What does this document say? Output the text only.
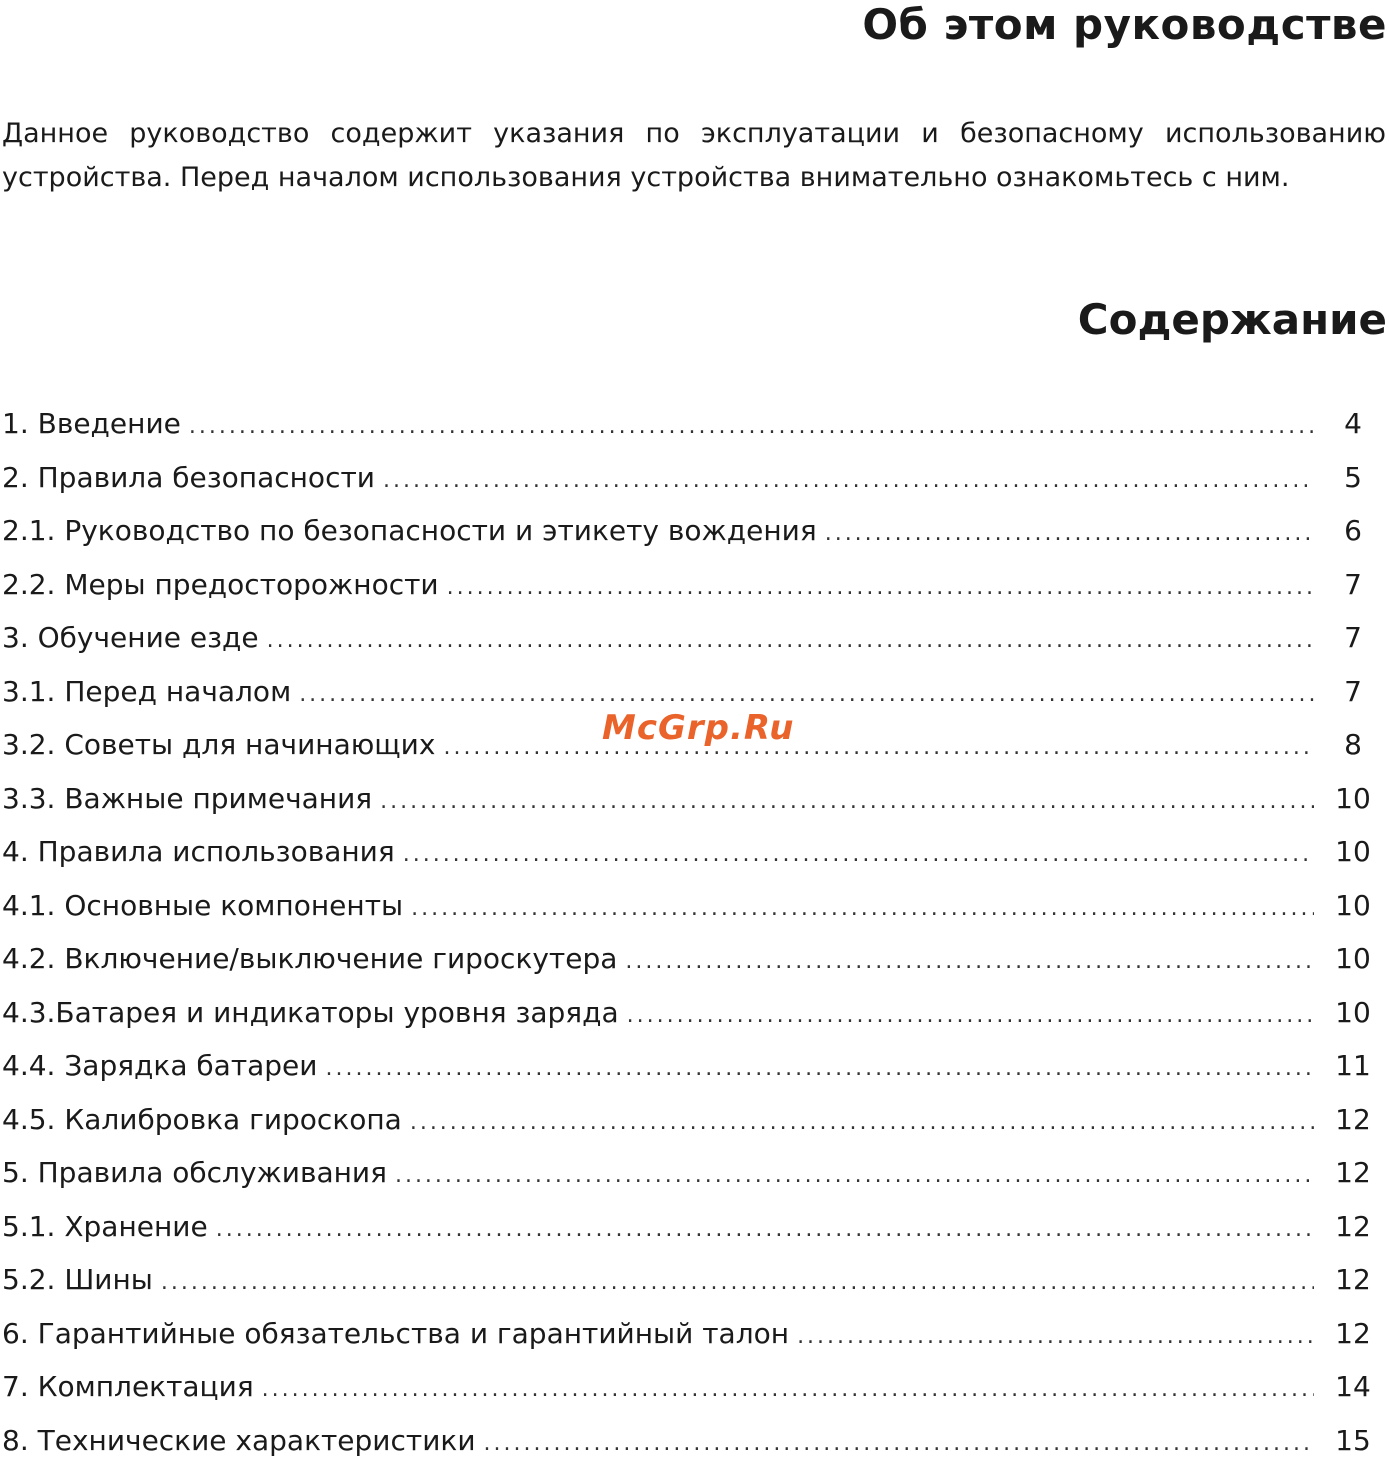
Об этом руководстве

Данное руководство содержит указания по эксплуатации и безопасному использованию устройства. Перед началом использования устройства внимательно ознакомьтесь с ним.

Содержание
1. Введение .....	4
2. Правила безопасности .....	5
2.1. Руководство по безопасности и этикету вождения .....	6
2.2. Меры предосторожности .....	7
3. Обучение езде .....	7
3.1. Перед началом .....	7
3.2. Советы для начинающих .....	8
3.3. Важные примечания .....	10
4. Правила использования .....	10
4.1. Основные компоненты .....	10
4.2. Включение/выключение гироскутера .....	10
4.3.Батарея и индикаторы уровня заряда .....	10
4.4. Зарядка батареи .....	11
4.5. Калибровка гироскопа .....	12
5. Правила обслуживания .....	12
5.1. Хранение .....	12
5.2. Шины .....	12
6. Гарантийные обязательства и гарантийный талон .....	12
7. Комплектация .....	14
8. Технические характеристики .....	15
McGrp.Ru
